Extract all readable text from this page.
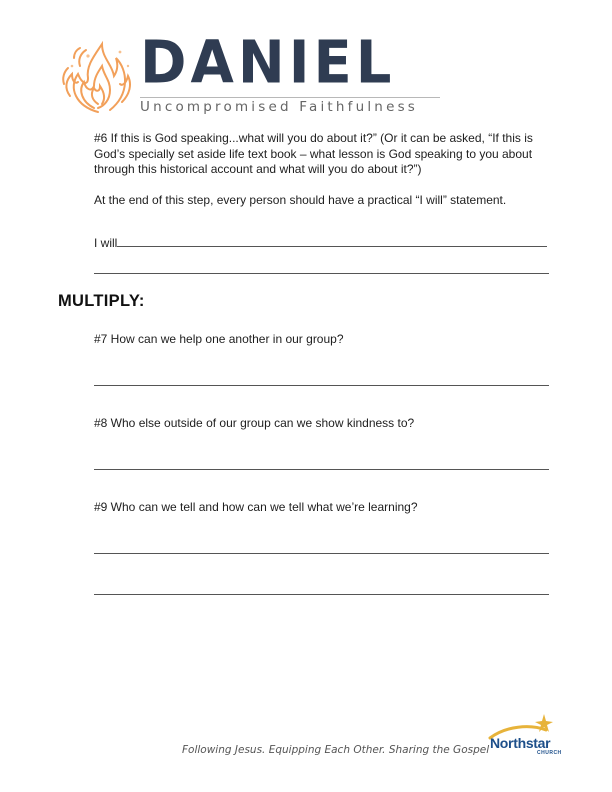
DANIEL
Uncompromised Faithfulness
#6 If this is God speaking...what will you do about it?” (Or it can be asked, “If this is God’s specially set aside life text book – what lesson is God speaking to you about through this historical account and what will you do about it?”)
At the end of this step, every person should have a practical “I will” statement.
I will
MULTIPLY:
#7 How can we help one another in our group?
#8 Who else outside of our group can we show kindness to?
#9 Who can we tell and how can we tell what we’re learning?
Following Jesus. Equipping Each Other. Sharing the Gospel Northstar
CHURCH
